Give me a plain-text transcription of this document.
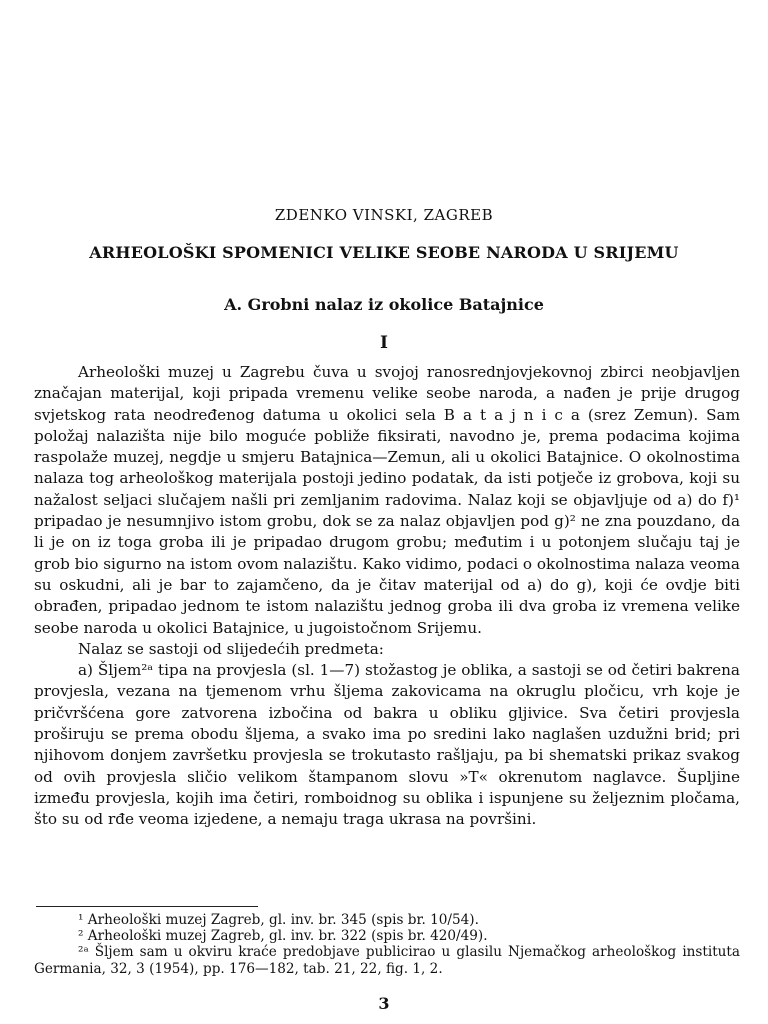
ZDENKO VINSKI, ZAGREB
ARHEOLOŠKI SPOMENICI VELIKE SEOBE NARODA U SRIJEMU
A. Grobni nalaz iz okolice Batajnice
I

Arheološki muzej u Zagrebu čuva u svojoj ranosrednjovjekovnoj zbirci neobjavljen značajan materijal, koji pripada vremenu velike seobe naroda, a nađen je prije drugog svjetskog rata neodređenog datuma u okolici sela B a t a j n i c a (srez Zemun). Sam položaj nalazišta nije bilo moguće pobliže fiksirati, navodno je, prema podacima kojima raspolaže muzej, negdje u smjeru Batajnica—Zemun, ali u okolici Batajnice. O okolnostima nalaza tog arheološkog materijala postoji jedino podatak, da isti potječe iz grobova, koji su nažalost seljaci slučajem našli pri zemljanim radovima. Nalaz koji se objavljuje od a) do f)¹ pripadao je nesumnjivo istom grobu, dok se za nalaz objavljen pod g)² ne zna pouzdano, da li je on iz toga groba ili je pripadao drugom grobu; međutim i u potonjem slučaju taj je grob bio sigurno na istom ovom nalazištu. Kako vidimo, podaci o okolnostima nalaza veoma su oskudni, ali je bar to zajamčeno, da je čitav materijal od a) do g), koji će ovdje biti obrađen, pripadao jednom te istom nalazištu jednog groba ili dva groba iz vremena velike seobe naroda u okolici Batajnice, u jugoistočnom Srijemu.

Nalaz se sastoji od slijedećih predmeta:

a) Šljem²ᵃ tipa na provjesla (sl. 1—7) stožastog je oblika, a sastoji se od četiri bakrena provjesla, vezana na tjemenom vrhu šljema zakovicama na okruglu pločicu, vrh koje je pričvršćena gore zatvorena izbočina od bakra u obliku gljivice. Sva četiri provjesla proširuju se prema obodu šljema, a svako ima po sredini lako naglašen uzdužni brid; pri njihovom donjem završetku provjesla se trokutasto rašljaju, pa bi shematski prikaz svakog od ovih provjesla sličio velikom štampanom slovu »T« okrenutom naglavce. Šupljine između provjesla, kojih ima četiri, romboidnog su oblika i ispunjene su željeznim pločama, što su od rđe veoma izjedene, a nemaju traga ukrasa na površini.

¹ Arheološki muzej Zagreb, gl. inv. br. 345 (spis br. 10/54).

² Arheološki muzej Zagreb, gl. inv. br. 322 (spis br. 420/49).

²ᵃ Šljem sam u okviru kraće predobjave publicirao u glasilu Njemačkog arheološkog instituta Germania, 32, 3 (1954), pp. 176—182, tab. 21, 22, fig. 1, 2.

3
